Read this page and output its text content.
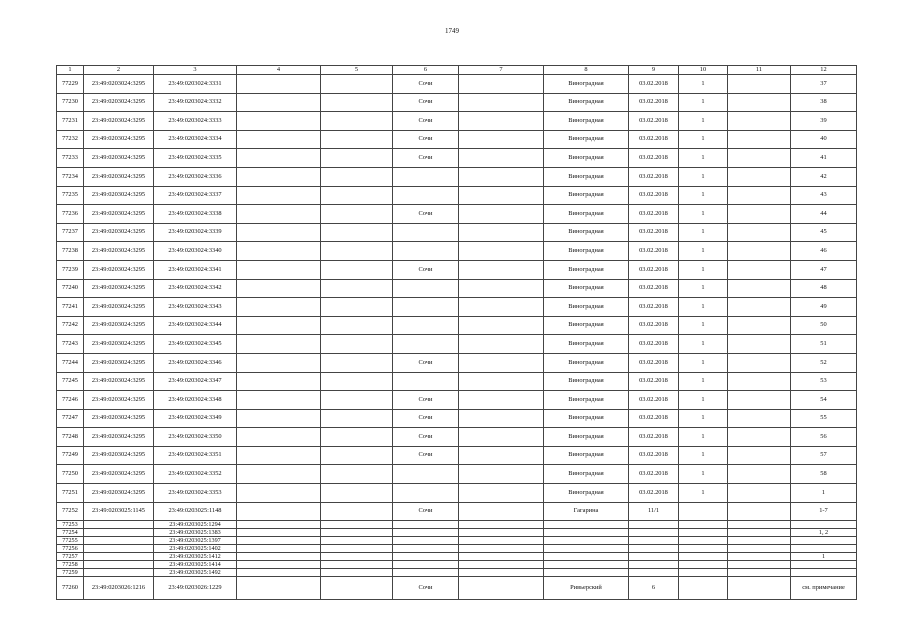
1749
1	2	3	4	5	6	7	8	9	10	11	12
77229	23:49:0203024:3295	23:49:0203024:3331			Сочи		Виноградная	03.02.2018	1		37
77230	23:49:0203024:3295	23:49:0203024:3332			Сочи		Виноградная	03.02.2018	1		38
77231	23:49:0203024:3295	23:49:0203024:3333			Сочи		Виноградная	03.02.2018	1		39
77232	23:49:0203024:3295	23:49:0203024:3334			Сочи		Виноградная	03.02.2018	1		40
77233	23:49:0203024:3295	23:49:0203024:3335			Сочи		Виноградная	03.02.2018	1		41
77234	23:49:0203024:3295	23:49:0203024:3336					Виноградная	03.02.2018	1		42
77235	23:49:0203024:3295	23:49:0203024:3337					Виноградная	03.02.2018	1		43
77236	23:49:0203024:3295	23:49:0203024:3338			Сочи		Виноградная	03.02.2018	1		44
77237	23:49:0203024:3295	23:49:0203024:3339					Виноградная	03.02.2018	1		45
77238	23:49:0203024:3295	23:49:0203024:3340					Виноградная	03.02.2018	1		46
77239	23:49:0203024:3295	23:49:0203024:3341			Сочи		Виноградная	03.02.2018	1		47
77240	23:49:0203024:3295	23:49:0203024:3342					Виноградная	03.02.2018	1		48
77241	23:49:0203024:3295	23:49:0203024:3343					Виноградная	03.02.2018	1		49
77242	23:49:0203024:3295	23:49:0203024:3344					Виноградная	03.02.2018	1		50
77243	23:49:0203024:3295	23:49:0203024:3345					Виноградная	03.02.2018	1		51
77244	23:49:0203024:3295	23:49:0203024:3346			Сочи		Виноградная	03.02.2018	1		52
77245	23:49:0203024:3295	23:49:0203024:3347					Виноградная	03.02.2018	1		53
77246	23:49:0203024:3295	23:49:0203024:3348			Сочи		Виноградная	03.02.2018	1		54
77247	23:49:0203024:3295	23:49:0203024:3349			Сочи		Виноградная	03.02.2018	1		55
77248	23:49:0203024:3295	23:49:0203024:3350			Сочи		Виноградная	03.02.2018	1		56
77249	23:49:0203024:3295	23:49:0203024:3351			Сочи		Виноградная	03.02.2018	1		57
77250	23:49:0203024:3295	23:49:0203024:3352					Виноградная	03.02.2018	1		58
77251	23:49:0203024:3295	23:49:0203024:3353					Виноградная	03.02.2018	1		1
77252	23:49:0203025:1145	23:49:0203025:1148			Сочи		Гагарина	11/1			1-7
77253		23:49:0203025:1294									
77254		23:49:0203025:1383									1, 2
77255		23:49:0203025:1397									
77256		23:49:0203025:1402									
77257		23:49:0203025:1412									1
77258		23:49:0203025:1414									
77259		23:49:0203025:1492									
77260	23:49:0203026:1216	23:49:0203026:1229			Сочи		Ривьерский	6			см. примечание
